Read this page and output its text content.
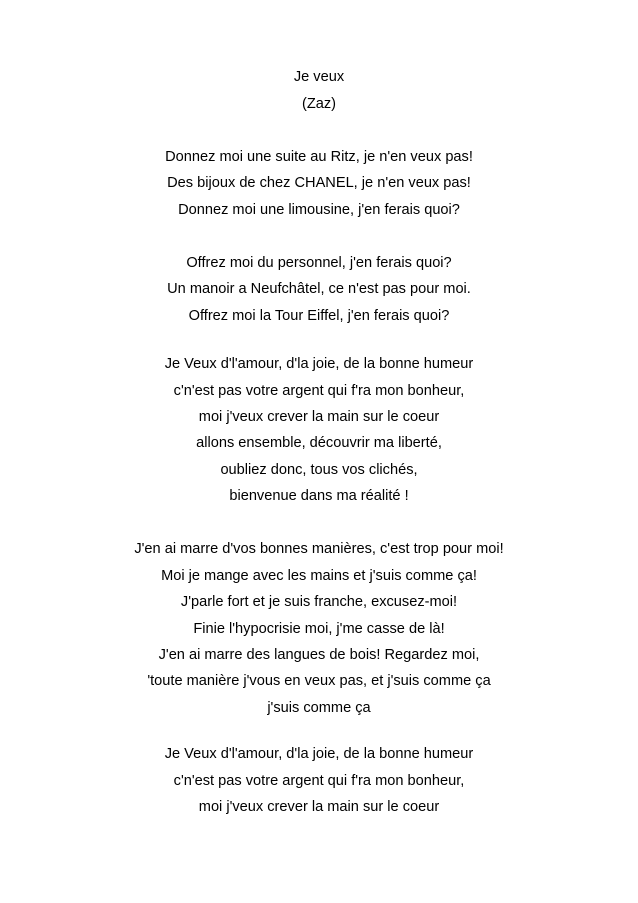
Je veux
(Zaz)
Donnez moi une suite au Ritz, je n'en veux pas!
Des bijoux de chez CHANEL, je n'en veux pas!
Donnez moi une limousine, j'en ferais quoi?
Offrez moi du personnel, j'en ferais quoi?
Un manoir a Neufchâtel, ce n'est pas pour moi.
Offrez moi la Tour Eiffel, j'en ferais quoi?
Je Veux d'l'amour, d'la joie, de la bonne humeur
c'n'est pas votre argent qui f'ra mon bonheur,
moi j'veux crever la main sur le coeur
allons ensemble, découvrir ma liberté,
oubliez donc, tous vos clichés,
bienvenue dans ma réalité !
J'en ai marre d'vos bonnes manières, c'est trop pour moi!
Moi je mange avec les mains et j'suis comme ça!
J'parle fort et je suis franche, excusez-moi!
Finie l'hypocrisie moi, j'me casse de là!
J'en ai marre des langues de bois! Regardez moi,
'toute manière j'vous en veux pas, et j'suis comme ça
j'suis comme ça
Je Veux d'l'amour, d'la joie, de la bonne humeur
c'n'est pas votre argent qui f'ra mon bonheur,
moi j'veux crever la main sur le coeur
